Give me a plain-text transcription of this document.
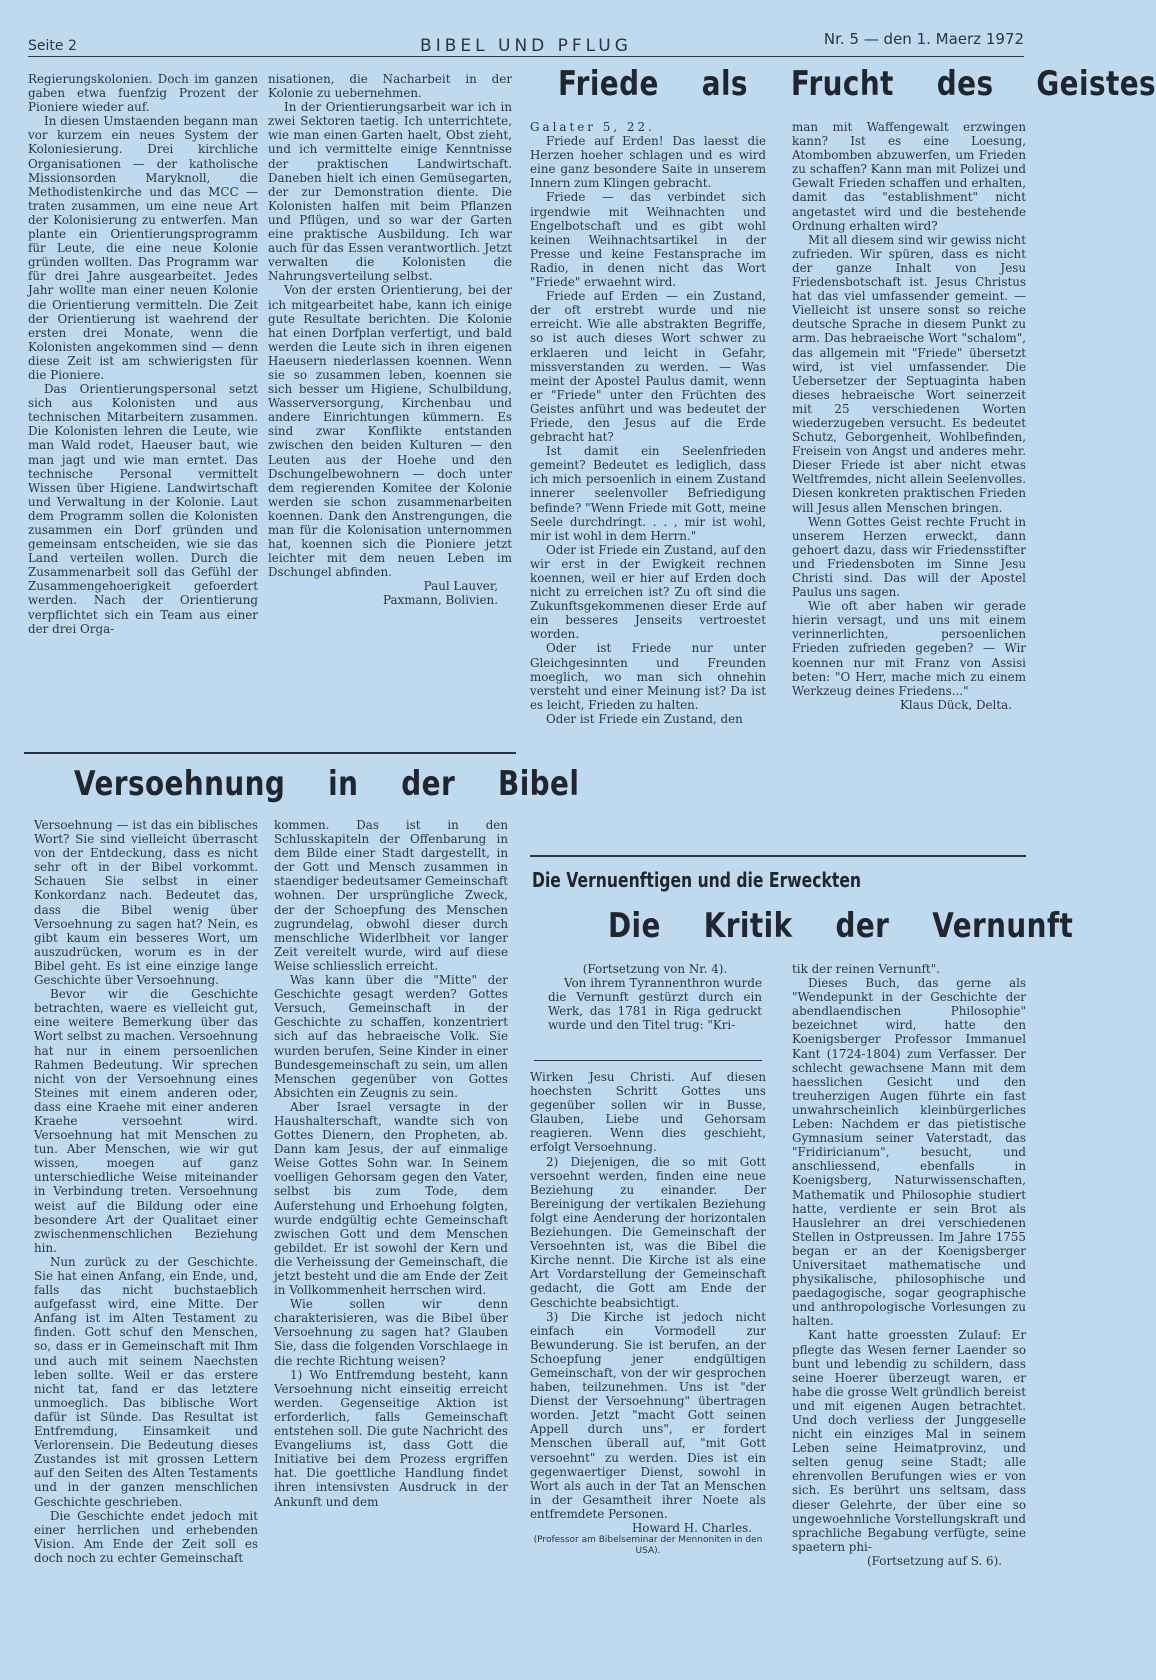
Seite 2	BIBEL UND PFLUG	Nr. 5 — den 1. Maerz 1972

Regierungskolonien. Doch im ganzen gaben etwa fuenfzig Prozent der Pioniere wieder auf.

In diesen Umstaenden begann man vor kurzem ein neues System der Koloniesierung. Drei kirchliche Organisationen — der katholische Missionsorden Maryknoll, die Methodistenkirche und das MCC — traten zusammen, um eine neue Art der Kolonisierung zu entwerfen. Man plante ein Orientierungsprogramm für Leute, die eine neue Kolonie gründen wollten. Das Programm war für drei Jahre ausgearbeitet. Jedes Jahr wollte man einer neuen Kolonie die Orientierung vermitteln. Die Zeit der Orientierung ist waehrend der ersten drei Monate, wenn die Kolonisten angekommen sind — denn diese Zeit ist am schwierigsten für die Pioniere.

Das Orientierungspersonal setzt sich aus Kolonisten und aus technischen Mitarbeitern zusammen. Die Kolonisten lehren die Leute, wie man Wald rodet, Haeuser baut, wie man jagt und wie man erntet. Das technische Personal vermittelt Wissen über Higiene. Landwirtschaft und Verwaltung in der Kolonie. Laut dem Programm sollen die Kolonisten zusammen ein Dorf gründen und gemeinsam entscheiden, wie sie das Land verteilen wollen. Durch die Zusammenarbeit soll das Gefühl der Zusammengehoerigkeit gefoerdert werden. Nach der Orientierung verpflichtet sich ein Team aus einer der drei Orga-

nisationen, die Nacharbeit in der Kolonie zu uebernehmen.

In der Orientierungsarbeit war ich in zwei Sektoren taetig. Ich unterrichtete, wie man einen Garten haelt, Obst zieht, und ich vermittelte einige Kenntnisse der praktischen Landwirtschaft. Daneben hielt ich einen Gemüsegarten, der zur Demonstration diente. Die Kolonisten halfen mit beim Pflanzen und Pflügen, und so war der Garten eine praktische Ausbildung. Ich war auch für das Essen verantwortlich. Jetzt verwalten die Kolonisten die Nahrungsverteilung selbst.

Von der ersten Orientierung, bei der ich mitgearbeitet habe, kann ich einige gute Resultate berichten. Die Kolonie hat einen Dorfplan verfertigt, und bald werden die Leute sich in ihren eigenen Haeusern niederlassen koennen. Wenn sie so zusammen leben, koennen sie sich besser um Higiene, Schulbildung, Wasserversorgung, Kirchenbau und andere Einrichtungen kümmern. Es sind zwar Konflikte entstanden zwischen den beiden Kulturen — den Leuten aus der Hoehe und den Dschungelbewohnern — doch unter dem regierenden Komitee der Kolonie werden sie schon zusammenarbeiten koennen. Dank den Anstrengungen, die man für die Kolonisation unternommen hat, koennen sich die Pioniere jetzt leichter mit dem neuen Leben im Dschungel abfinden.

Paul Lauver,

Paxmann, Bolivien.

Versoehnung in der Bibel

Versoehnung — ist das ein biblisches Wort? Sie sind vielleicht überrascht von der Entdeckung, dass es nicht sehr oft in der Bibel vorkommt. Schauen Sie selbst in einer Konkordanz nach. Bedeutet das, dass die Bibel wenig über Versoehnung zu sagen hat? Nein, es gibt kaum ein besseres Wort, um auszudrücken, worum es in der Bibel geht. Es ist eine einzige lange Geschichte über Versoehnung.

Bevor wir die Geschichte betrachten, waere es vielleicht gut, eine weitere Bemerkung über das Wort selbst zu machen. Versoehnung hat nur in einem persoenlichen Rahmen Bedeutung. Wir sprechen nicht von der Versoehnung eines Steines mit einem anderen oder, dass eine Kraehe mit einer anderen Kraehe versoehnt wird. Versoehnung hat mit Menschen zu tun. Aber Menschen, wie wir gut wissen, moegen auf ganz unterschiedliche Weise miteinander in Verbindung treten. Versoehnung weist auf die Bildung oder eine besondere Art der Qualitaet einer zwischenmenschlichen Beziehung hin.

Nun zurück zu der Geschichte. Sie hat einen Anfang, ein Ende, und, falls das nicht buchstaeblich aufgefasst wird, eine Mitte. Der Anfang ist im Alten Testament zu finden. Gott schuf den Menschen, so, dass er in Gemeinschaft mit Ihm und auch mit seinem Naechsten leben sollte. Weil er das erstere nicht tat, fand er das letztere unmoeglich. Das biblische Wort dafür ist Sünde. Das Resultat ist Entfremdung, Einsamkeit und Verlorensein. Die Bedeutung dieses Zustandes ist mit grossen Lettern auf den Seiten des Alten Testaments und in der ganzen menschlichen Geschichte geschrieben.

Die Geschichte endet jedoch mit einer herrlichen und erhebenden Vision. Am Ende der Zeit soll es doch noch zu echter Gemeinschaft

kommen. Das ist in den Schlusskapiteln der Offenbarung in dem Bilde einer Stadt dargestellt, in der Gott und Mensch zusammen in staendiger bedeutsamer Gemeinschaft wohnen. Der ursprüngliche Zweck, der der Schoepfung des Menschen zugrundelag, obwohl dieser durch menschliche Widerlbheit vor langer Zeit vereitelt wurde, wird auf diese Weise schliesslich erreicht.

Was kann über die "Mitte" der Geschichte gesagt werden? Gottes Versuch, Gemeinschaft in der Geschichte zu schaffen, konzentriert sich auf das hebraeische Volk. Sie wurden berufen, Seine Kinder in einer Bundesgemeinschaft zu sein, um allen Menschen gegenüber von Gottes Absichten ein Zeugnis zu sein.

Aber Israel versagte in der Haushalterschaft, wandte sich von Gottes Dienern, den Propheten, ab. Dann kam Jesus, der auf einmalige Weise Gottes Sohn war. In Seinem voelligen Gehorsam gegen den Vater, selbst bis zum Tode, dem Auferstehung und Erhoehung folgten, wurde endgültig echte Gemeinschaft zwischen Gott und dem Menschen gebildet. Er ist sowohl der Kern und die Verheissung der Gemeinschaft, die jetzt besteht und die am Ende der Zeit in Vollkommenheit herrschen wird.

Wie sollen wir denn charakterisieren, was die Bibel über Versoehnung zu sagen hat? Glauben Sie, dass die folgenden Vorschlaege in die rechte Richtung weisen?

1) Wo Entfremdung besteht, kann Versoehnung nicht einseitig erreicht werden. Gegenseitige Aktion ist erforderlich, falls Gemeinschaft entstehen soll. Die gute Nachricht des Evangeliums ist, dass Gott die Initiative bei dem Prozess ergriffen hat. Die goettliche Handlung findet ihren intensivsten Ausdruck in der Ankunft und dem

Wirken Jesu Christi. Auf diesen hoechsten Schritt Gottes uns gegenüber sollen wir in Busse, Glauben, Liebe und Gehorsam reagieren. Wenn dies geschieht, erfolgt Versoehnung.

2) Diejenigen, die so mit Gott versoehnt werden, finden eine neue Beziehung zu einander. Der Bereinigung der vertikalen Beziehung folgt eine Aenderung der horizontalen Beziehungen. Die Gemeinschaft der Versoehnten ist, was die Bibel die Kirche nennt. Die Kirche ist als eine Art Vordarstellung der Gemeinschaft gedacht, die Gott am Ende der Geschichte beabsichtigt.

3) Die Kirche ist jedoch nicht einfach ein Vormodell zur Bewunderung. Sie ist berufen, an der Schoepfung jener endgültigen Gemeinschaft, von der wir gesprochen haben, teilzunehmen. Uns ist "der Dienst der Versoehnung" übertragen worden. Jetzt "macht Gott seinen Appell durch uns", er fordert Menschen überall auf, "mit Gott versoehnt" zu werden. Dies ist ein gegenwaertiger Dienst, sowohl in Wort als auch in der Tat an Menschen in der Gesamtheit ihrer Noete als entfremdete Personen.

Howard H. Charles.

(Professor am Bibelseminar der Mennoniten in den USA).

Friede als Frucht des Geistes

Galater 5, 22.

Friede auf Erden! Das laesst die Herzen hoeher schlagen und es wird eine ganz besondere Saite in unserem Innern zum Klingen gebracht.

Friede — das verbindet sich irgendwie mit Weihnachten und Engelbotschaft und es gibt wohl keinen Weihnachtsartikel in der Presse und keine Festansprache im Radio, in denen nicht das Wort "Friede" erwaehnt wird.

Friede auf Erden — ein Zustand, der oft erstrebt wurde und nie erreicht. Wie alle abstrakten Begriffe, so ist auch dieses Wort schwer zu erklaeren und leicht in Gefahr, missverstanden zu werden. — Was meint der Apostel Paulus damit, wenn er "Friede" unter den Früchten des Geistes anführt und was bedeutet der Friede, den Jesus auf die Erde gebracht hat?

Ist damit ein Seelenfrieden gemeint? Bedeutet es lediglich, dass ich mich persoenlich in einem Zustand innerer seelenvoller Befriedigung befinde? "Wenn Friede mit Gott, meine Seele durchdringt. . . , mir ist wohl, mir ist wohl in dem Herrn."

Oder ist Friede ein Zustand, auf den wir erst in der Ewigkeit rechnen koennen, weil er hier auf Erden doch nicht zu erreichen ist? Zu oft sind die Zukunftsgekommenen dieser Erde auf ein besseres Jenseits vertroestet worden.

Oder ist Friede nur unter Gleichgesinnten und Freunden moeglich, wo man sich ohnehin versteht und einer Meinung ist? Da ist es leicht, Frieden zu halten.

Oder ist Friede ein Zustand, den

man mit Waffengewalt erzwingen kann? Ist es eine Loesung, Atombomben abzuwerfen, um Frieden zu schaffen? Kann man mit Polizei und Gewalt Frieden schaffen und erhalten, damit das "establishment" nicht angetastet wird und die bestehende Ordnung erhalten wird?

Mit all diesem sind wir gewiss nicht zufrieden. Wir spüren, dass es nicht der ganze Inhalt von Jesu Friedensbotschaft ist. Jesus Christus hat das viel umfassender gemeint. — Vielleicht ist unsere sonst so reiche deutsche Sprache in diesem Punkt zu arm. Das hebraeische Wort "schalom", das allgemein mit "Friede" übersetzt wird, ist viel umfassender. Die Uebersetzer der Septuaginta haben dieses hebraeische Wort seinerzeit mit 25 verschiedenen Worten wiederzugeben versucht. Es bedeutet Schutz, Geborgenheit, Wohlbefinden, Freisein von Angst und anderes mehr. Dieser Friede ist aber nicht etwas Weltfremdes, nicht allein Seelenvolles. Diesen konkreten praktischen Frieden will Jesus allen Menschen bringen.

Wenn Gottes Geist rechte Frucht in unserem Herzen erweckt, dann gehoert dazu, dass wir Friedensstifter und Friedensboten im Sinne Jesu Christi sind. Das will der Apostel Paulus uns sagen.

Wie oft aber haben wir gerade hierin versagt, und uns mit einem verinnerlichten, persoenlichen Frieden zufrieden gegeben? — Wir koennen nur mit Franz von Assisi beten: "O Herr, mache mich zu einem Werkzeug deines Friedens..."

Klaus Dück, Delta.

Die Vernuenftigen und die Erweckten
Die Kritik der Vernunft

(Fortsetzung von Nr. 4).

Von ihrem Tyrannenthron wurde die Vernunft gestürzt durch ein Werk, das 1781 in Riga gedruckt wurde und den Titel trug: "Kri-

tik der reinen Vernunft".

Dieses Buch, das gerne als "Wendepunkt in der Geschichte der abendlaendischen Philosophie" bezeichnet wird, hatte den Koenigsberger Professor Immanuel Kant (1724-1804) zum Verfasser. Der schlecht gewachsene Mann mit dem haesslichen Gesicht und den treuherzigen Augen führte ein fast unwahrscheinlich kleinbürgerliches Leben: Nachdem er das pietistische Gymnasium seiner Vaterstadt, das "Fridiricianum", besucht, und anschliessend, ebenfalls in Koenigsberg, Naturwissenschaften, Mathematik und Philosophie studiert hatte, verdiente er sein Brot als Hauslehrer an drei verschiedenen Stellen in Ostpreussen. Im Jahre 1755 began er an der Koenigsberger Universitaet mathematische und physikalische, philosophische und paedagogische, sogar geographische und anthropologische Vorlesungen zu halten.

Kant hatte groessten Zulauf: Er pflegte das Wesen ferner Laender so bunt und lebendig zu schildern, dass seine Hoerer überzeugt waren, er habe die grosse Welt gründlich bereist und mit eigenen Augen betrachtet. Und doch verliess der Junggeselle nicht ein einziges Mal in seinem Leben seine Heimatprovinz, und selten genug seine Stadt; alle ehrenvollen Berufungen wies er von sich. Es berührt uns seltsam, dass dieser Gelehrte, der über eine so ungewoehnliche Vorstellungskraft und sprachliche Begabung verfügte, seine spaetern phi-

(Fortsetzung auf S. 6).
